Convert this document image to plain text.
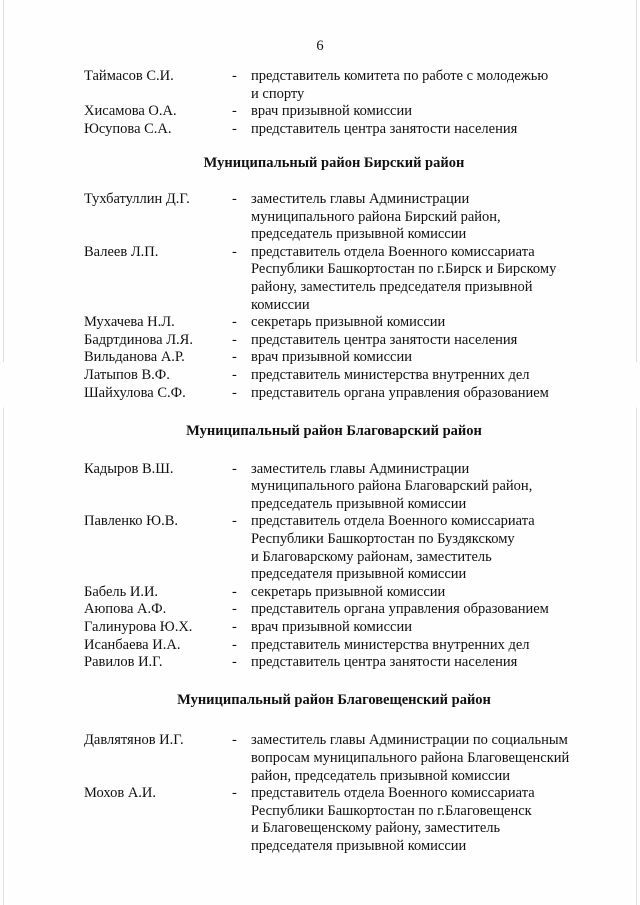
6
Таймасов С.И.	- представитель комитета по работе с молодежью
и спорту
Хисамова О.А.	- врач призывной комиссии
Юсупова С.А.	- представитель центра занятости населения
Муниципальный район Бирский район
Тухбатуллин Д.Г.	- заместитель главы Администрации
муниципального района Бирский район,
председатель призывной комиссии
Валеев Л.П.	- представитель отдела Военного комиссариата
Республики Башкортостан по г.Бирск и Бирскому
району, заместитель председателя призывной
комиссии
Мухачева Н.Л.	- секретарь призывной комиссии
Бадртдинова Л.Я.	- представитель центра занятости населения
Вильданова А.Р.	- врач призывной комиссии
Латыпов В.Ф.	- представитель министерства внутренних дел
Шайхулова С.Ф.	- представитель органа управления образованием
Муниципальный район Благоварский район
Кадыров В.Ш.	- заместитель главы Администрации
муниципального района Благоварский район,
председатель призывной комиссии
Павленко Ю.В.	- представитель отдела Военного комиссариата
Республики Башкортостан по Буздякскому
и Благоварскому районам, заместитель
председателя призывной комиссии
Бабель И.И.	- секретарь призывной комиссии
Аюпова А.Ф.	- представитель органа управления образованием
Галинурова Ю.Х.	- врач призывной комиссии
Исанбаева И.А.	- представитель министерства внутренних дел
Равилов И.Г.	- представитель центра занятости населения
Муниципальный район Благовещенский район
Давлятянов И.Г.	- заместитель главы Администрации по социальным
вопросам муниципального района Благовещенский
район, председатель призывной комиссии
Мохов А.И.	- представитель отдела Военного комиссариата
Республики Башкортостан по г.Благовещенск
и Благовещенскому району, заместитель
председателя призывной комиссии
